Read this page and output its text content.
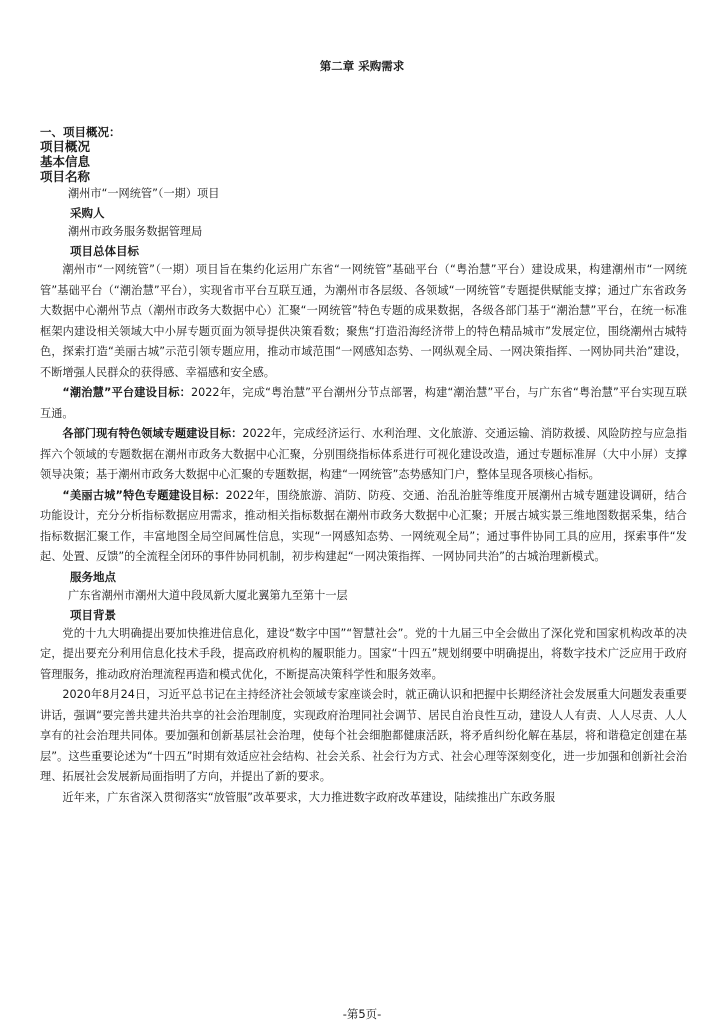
第二章 采购需求
一、项目概况：
项目概况
基本信息
项目名称
潮州市“一网统管”（一期）项目
采购人
潮州市政务服务数据管理局
项目总体目标

潮州市“一网统管”（一期）项目旨在集约化运用广东省“一网统管”基础平台（“粤治慧”平台）建设成果，构建潮州市“一网统管”基础平台（“潮治慧”平台），实现省市平台互联互通，为潮州市各层级、各领域“一网统管”专题提供赋能支撑；通过广东省政务大数据中心潮州节点（潮州市政务大数据中心）汇聚“一网统管”特色专题的成果数据，各级各部门基于“潮治慧”平台，在统一标准框架内建设相关领域大中小屏专题页面为领导提供决策看数；聚焦“打造沿海经济带上的特色精品城市”发展定位，围绕潮州古城特色，探索打造“美丽古城”示范引领专题应用，推动市域范围“一网感知态势、一网纵观全局、一网决策指挥、一网协同共治”建设，不断增强人民群众的获得感、幸福感和安全感。

“潮治慧”平台建设目标：2022年，完成“粤治慧”平台潮州分节点部署，构建“潮治慧”平台，与广东省“粤治慧”平台实现互联互通。

各部门现有特色领域专题建设目标：2022年，完成经济运行、水利治理、文化旅游、交通运输、消防救援、风险防控与应急指挥六个领域的专题数据在潮州市政务大数据中心汇聚，分别围绕指标体系进行可视化建设改造，通过专题标准屏（大中小屏）支撑领导决策；基于潮州市政务大数据中心汇聚的专题数据，构建“一网统管”态势感知门户，整体呈现各项核心指标。

“美丽古城”特色专题建设目标：2022年，围绕旅游、消防、防疫、交通、治乱治脏等维度开展潮州古城专题建设调研，结合功能设计，充分分析指标数据应用需求，推动相关指标数据在潮州市政务大数据中心汇聚；开展古城实景三维地图数据采集，结合指标数据汇聚工作，丰富地图全局空间属性信息，实现“一网感知态势、一网统观全局”；通过事件协同工具的应用，探索事件“发起、处置、反馈”的全流程全闭环的事件协同机制，初步构建起“一网决策指挥、一网协同共治”的古城治理新模式。

服务地点
广东省潮州市潮州大道中段凤新大厦北翼第九至第十一层
项目背景

党的十九大明确提出要加快推进信息化，建设“数字中国”“智慧社会”。党的十九届三中全会做出了深化党和国家机构改革的决定，提出要充分利用信息化技术手段，提高政府机构的履职能力。国家“十四五”规划纲要中明确提出，将数字技术广泛应用于政府管理服务，推动政府治理流程再造和模式优化，不断提高决策科学性和服务效率。

2020年8月24日，习近平总书记在主持经济社会领域专家座谈会时，就正确认识和把握中长期经济社会发展重大问题发表重要讲话，强调“要完善共建共治共享的社会治理制度，实现政府治理同社会调节、居民自治良性互动，建设人人有责、人人尽责、人人享有的社会治理共同体。要加强和创新基层社会治理，使每个社会细胞都健康活跃，将矛盾纠纷化解在基层，将和谐稳定创建在基层”。这些重要论述为“十四五”时期有效适应社会结构、社会关系、社会行为方式、社会心理等深刻变化，进一步加强和创新社会治理、拓展社会发展新局面指明了方向，并提出了新的要求。

近年来，广东省深入贯彻落实“放管服”改革要求，大力推进数字政府改革建设，陆续推出广东政务服

-第5页-
